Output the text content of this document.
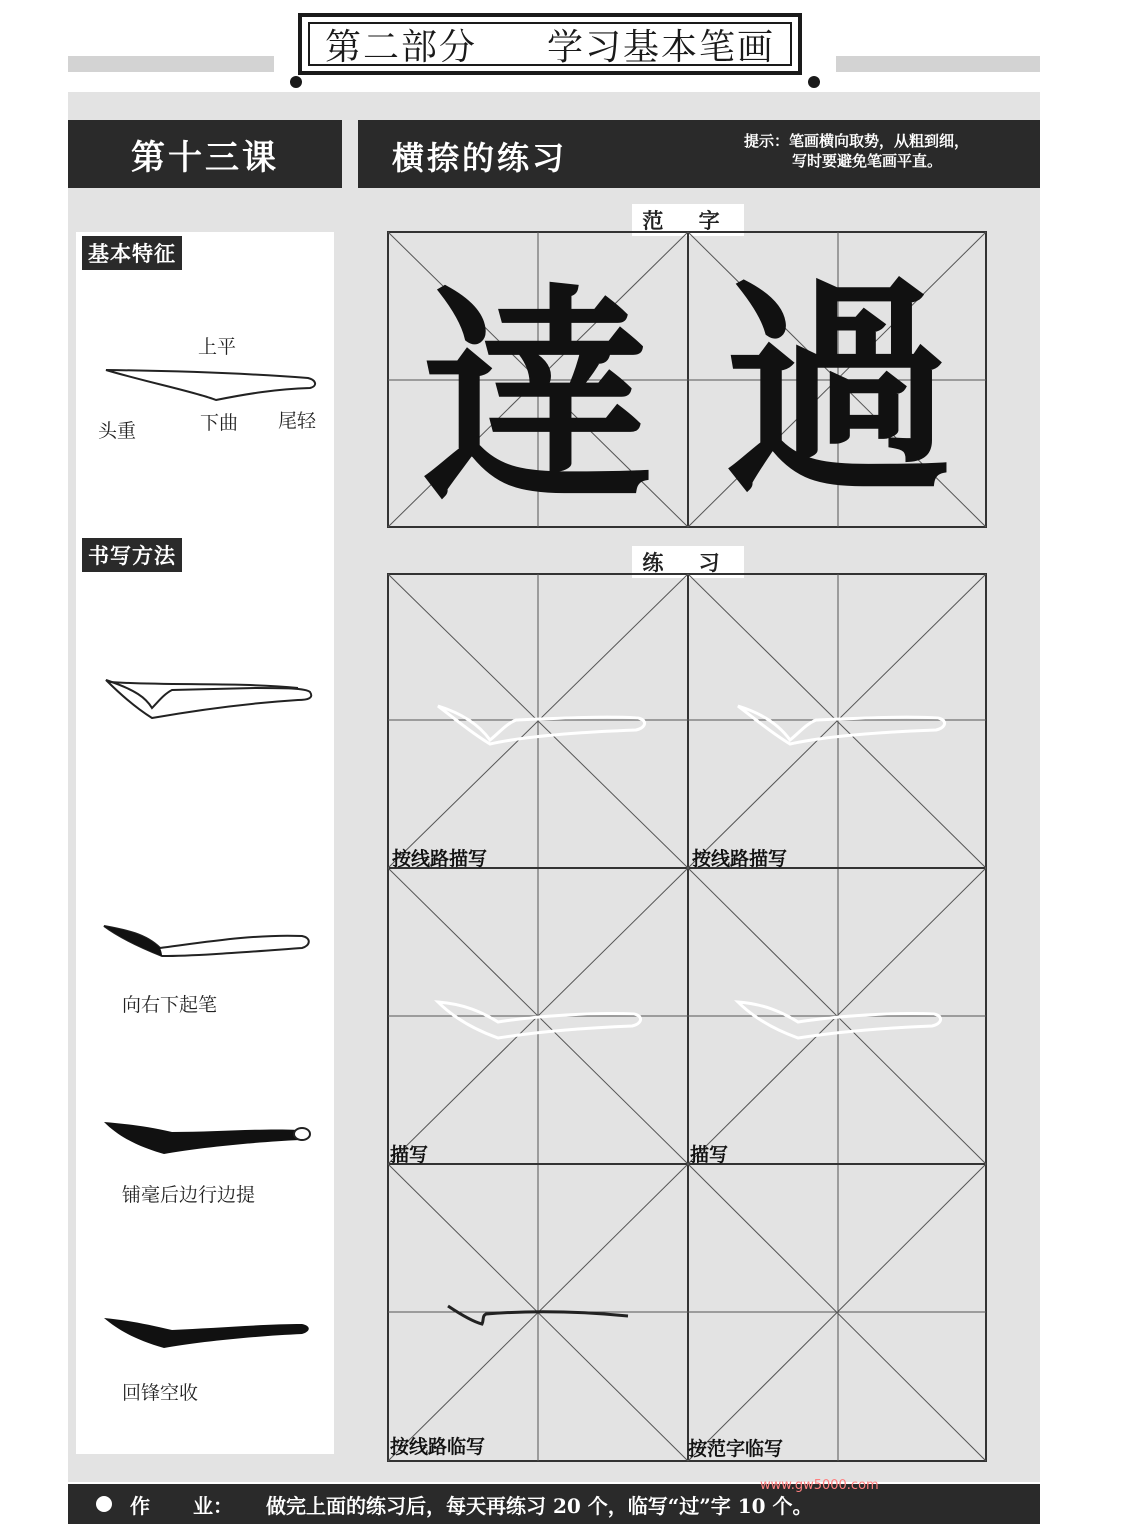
第二部分 学习基本笔画
第十三课	横捺的练习	提示：笔画横向取势，从粗到细，
写时要避免笔画平直。
基本特征
上平
头重	下曲 尾轻
书写方法
向右下起笔
铺毫后边行边提
回锋空收
范 字
逹 過
练 习
按线路描写	按线路描写
描写	描写
按线路临写	按范字临写
作 业： 做完上面的练习后，每天再练习 20 个，临写“过”字 10 个。
www.gw5000.com
